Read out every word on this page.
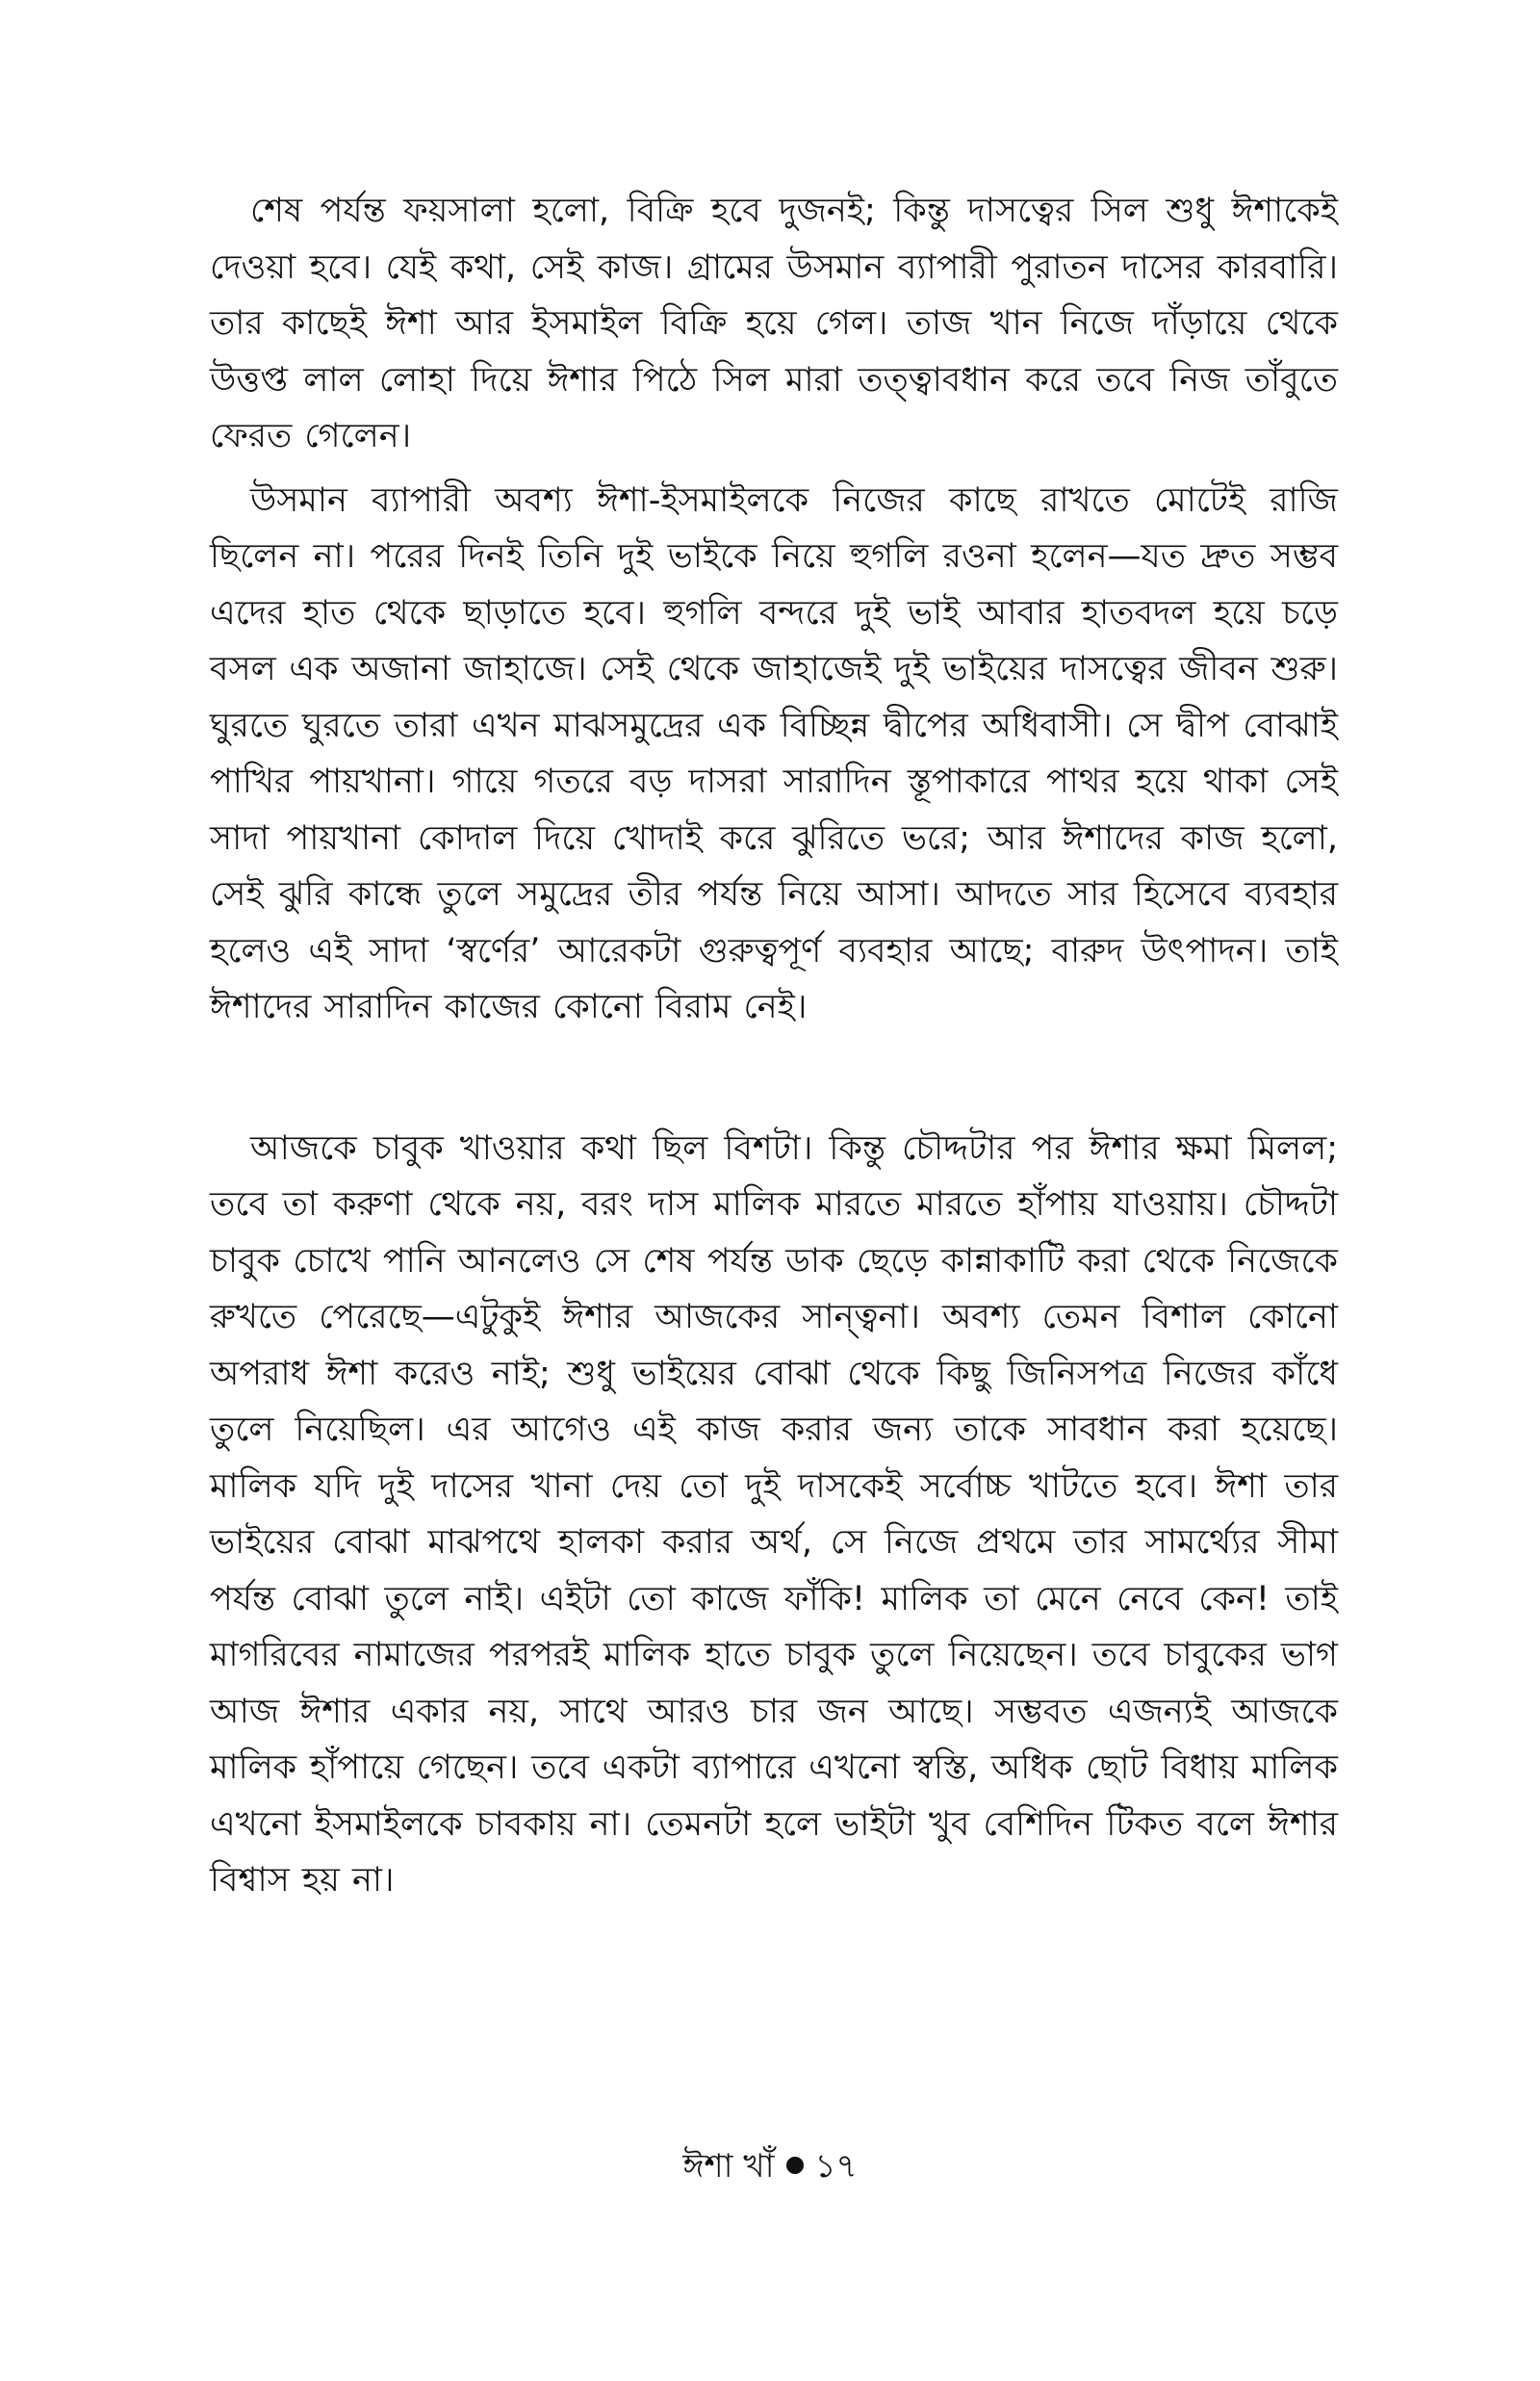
শেষ পর্যন্ত ফয়সালা হলো, বিক্রি হবে দুজনই; কিন্তু দাসত্বের সিল শুধু ঈশাকেই দেওয়া হবে। যেই কথা, সেই কাজ। গ্রামের উসমান ব্যাপারী পুরাতন দাসের কারবারি। তার কাছেই ঈশা আর ইসমাইল বিক্রি হয়ে গেল। তাজ খান নিজে দাঁড়ায়ে থেকে উত্তপ্ত লাল লোহা দিয়ে ঈশার পিঠে সিল মারা তত্ত্বাবধান করে তবে নিজ তাঁবুতে ফেরত গেলেন।

উসমান ব্যাপারী অবশ্য ঈশা-ইসমাইলকে নিজের কাছে রাখতে মোটেই রাজি ছিলেন না। পরের দিনই তিনি দুই ভাইকে নিয়ে হুগলি রওনা হলেন—যত দ্রুত সম্ভব এদের হাত থেকে ছাড়াতে হবে। হুগলি বন্দরে দুই ভাই আবার হাতবদল হয়ে চড়ে বসল এক অজানা জাহাজে। সেই থেকে জাহাজেই দুই ভাইয়ের দাসত্বের জীবন শুরু। ঘুরতে ঘুরতে তারা এখন মাঝসমুদ্রের এক বিচ্ছিন্ন দ্বীপের অধিবাসী। সে দ্বীপ বোঝাই পাখির পায়খানা। গায়ে গতরে বড় দাসরা সারাদিন স্তূপাকারে পাথর হয়ে থাকা সেই সাদা পায়খানা কোদাল দিয়ে খোদাই করে ঝুরিতে ভরে; আর ঈশাদের কাজ হলো, সেই ঝুরি কান্ধে তুলে সমুদ্রের তীর পর্যন্ত নিয়ে আসা। আদতে সার হিসেবে ব্যবহার হলেও এই সাদা ‘স্বর্ণের’ আরেকটা গুরুত্বপূর্ণ ব্যবহার আছে; বারুদ উৎপাদন। তাই ঈশাদের সারাদিন কাজের কোনো বিরাম নেই।

আজকে চাবুক খাওয়ার কথা ছিল বিশটা। কিন্তু চৌদ্দটার পর ঈশার ক্ষমা মিলল; তবে তা করুণা থেকে নয়, বরং দাস মালিক মারতে মারতে হাঁপায় যাওয়ায়। চৌদ্দটা চাবুক চোখে পানি আনলেও সে শেষ পর্যন্ত ডাক ছেড়ে কান্নাকাটি করা থেকে নিজেকে রুখতে পেরেছে—এটুকুই ঈশার আজকের সান্ত্বনা। অবশ্য তেমন বিশাল কোনো অপরাধ ঈশা করেও নাই; শুধু ভাইয়ের বোঝা থেকে কিছু জিনিসপত্র নিজের কাঁধে তুলে নিয়েছিল। এর আগেও এই কাজ করার জন্য তাকে সাবধান করা হয়েছে। মালিক যদি দুই দাসের খানা দেয় তো দুই দাসকেই সর্বোচ্চ খাটতে হবে। ঈশা তার ভাইয়ের বোঝা মাঝপথে হালকা করার অর্থ, সে নিজে প্রথমে তার সামর্থ্যের সীমা পর্যন্ত বোঝা তুলে নাই। এইটা তো কাজে ফাঁকি! মালিক তা মেনে নেবে কেন! তাই মাগরিবের নামাজের পরপরই মালিক হাতে চাবুক তুলে নিয়েছেন। তবে চাবুকের ভাগ আজ ঈশার একার নয়, সাথে আরও চার জন আছে। সম্ভবত এজন্যই আজকে মালিক হাঁপায়ে গেছেন। তবে একটা ব্যাপারে এখনো স্বস্তি, অধিক ছোট বিধায় মালিক এখনো ইসমাইলকে চাবকায় না। তেমনটা হলে ভাইটা খুব বেশিদিন টিকত বলে ঈশার বিশ্বাস হয় না।

ঈশা খাঁ ১৭
